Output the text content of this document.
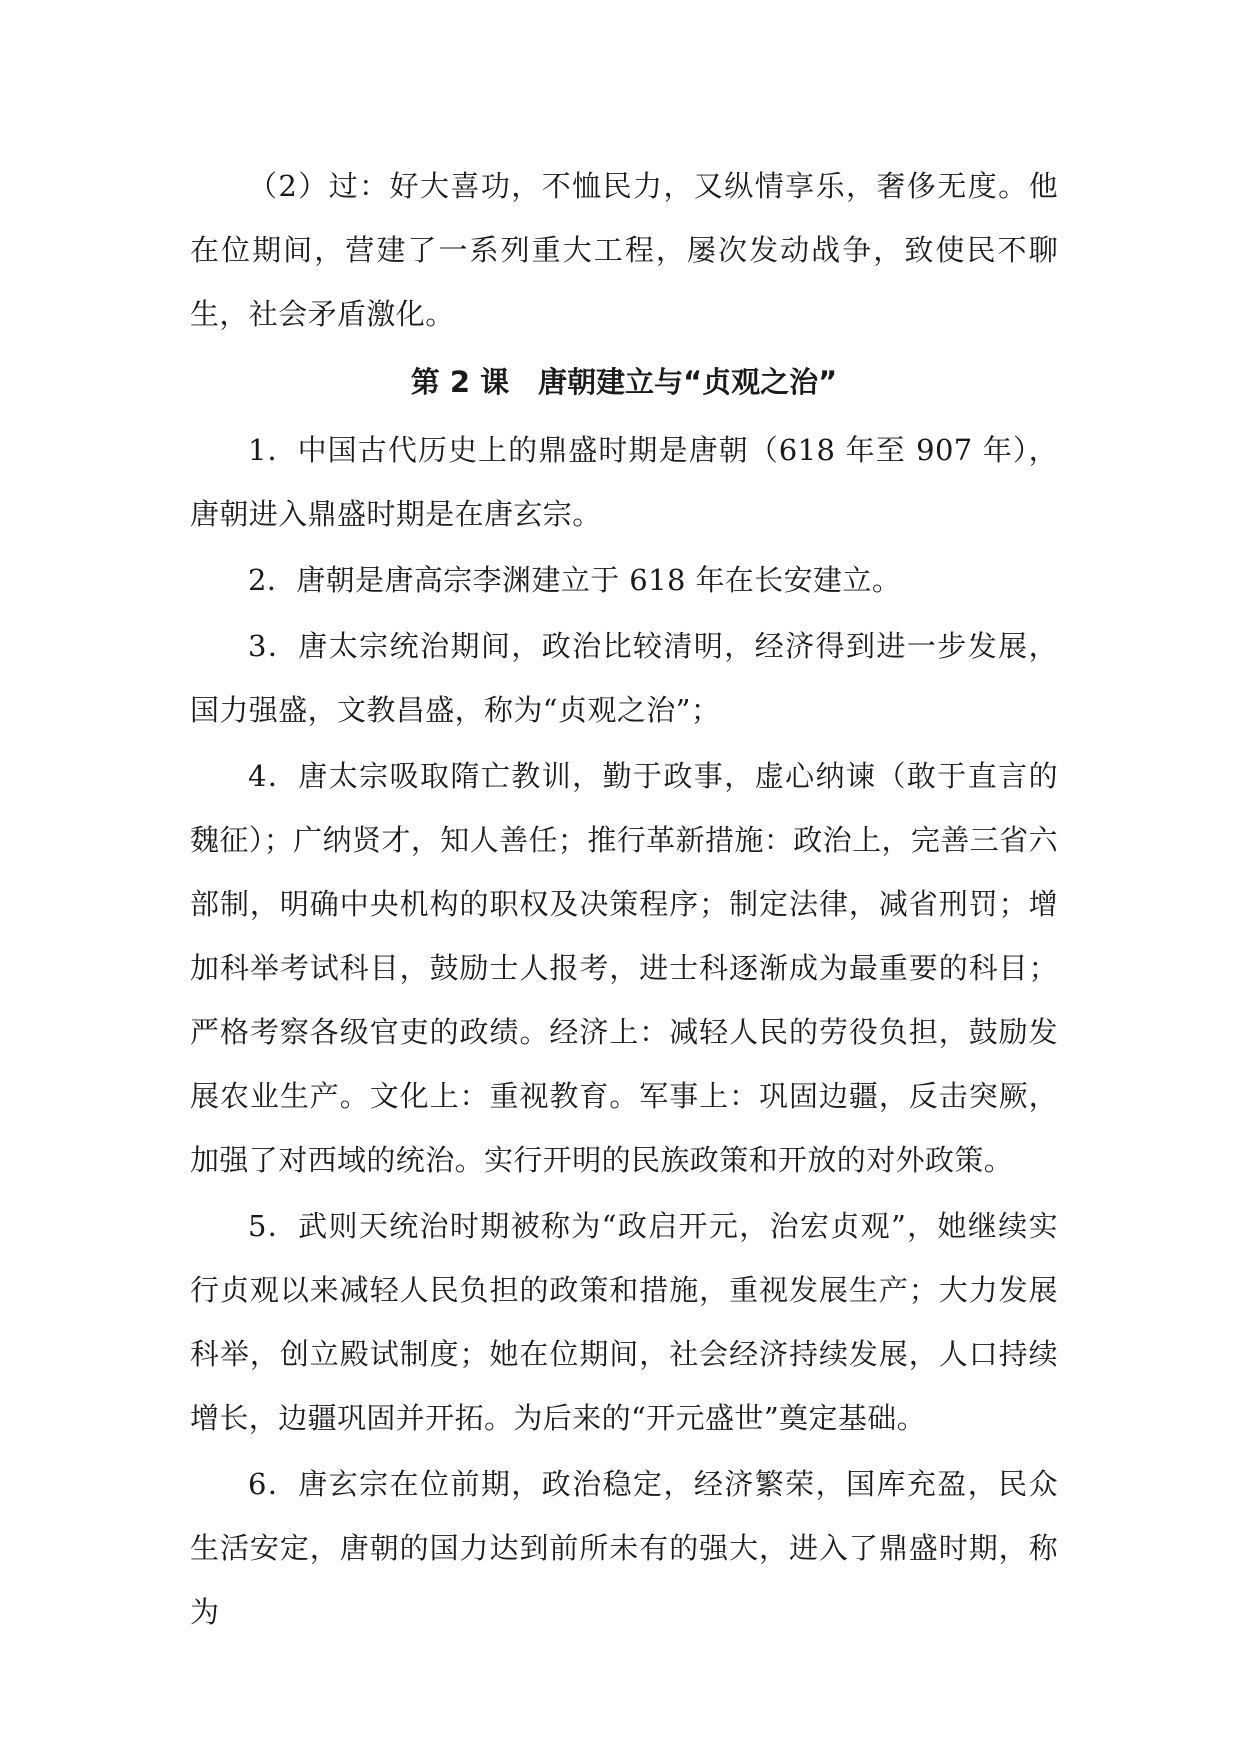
（2）过：好大喜功，不恤民力，又纵情享乐，奢侈无度。他在位期间，营建了一系列重大工程，屡次发动战争，致使民不聊生，社会矛盾激化。

第 2 课　唐朝建立与“贞观之治”

1．中国古代历史上的鼎盛时期是唐朝（618 年至 907 年），唐朝进入鼎盛时期是在唐玄宗。

2．唐朝是唐高宗李渊建立于 618 年在长安建立。

3．唐太宗统治期间，政治比较清明，经济得到进一步发展，国力强盛，文教昌盛，称为“贞观之治”；

4．唐太宗吸取隋亡教训，勤于政事，虚心纳谏（敢于直言的魏征）；广纳贤才，知人善任；推行革新措施：政治上，完善三省六部制，明确中央机构的职权及决策程序；制定法律，减省刑罚；增加科举考试科目，鼓励士人报考，进士科逐渐成为最重要的科目；严格考察各级官吏的政绩。经济上：减轻人民的劳役负担，鼓励发展农业生产。文化上：重视教育。军事上：巩固边疆，反击突厥，加强了对西域的统治。实行开明的民族政策和开放的对外政策。

5．武则天统治时期被称为“政启开元，治宏贞观”，她继续实行贞观以来减轻人民负担的政策和措施，重视发展生产；大力发展科举，创立殿试制度；她在位期间，社会经济持续发展，人口持续增长，边疆巩固并开拓。为后来的“开元盛世”奠定基础。

6．唐玄宗在位前期，政治稳定，经济繁荣，国库充盈，民众生活安定，唐朝的国力达到前所未有的强大，进入了鼎盛时期，称为
